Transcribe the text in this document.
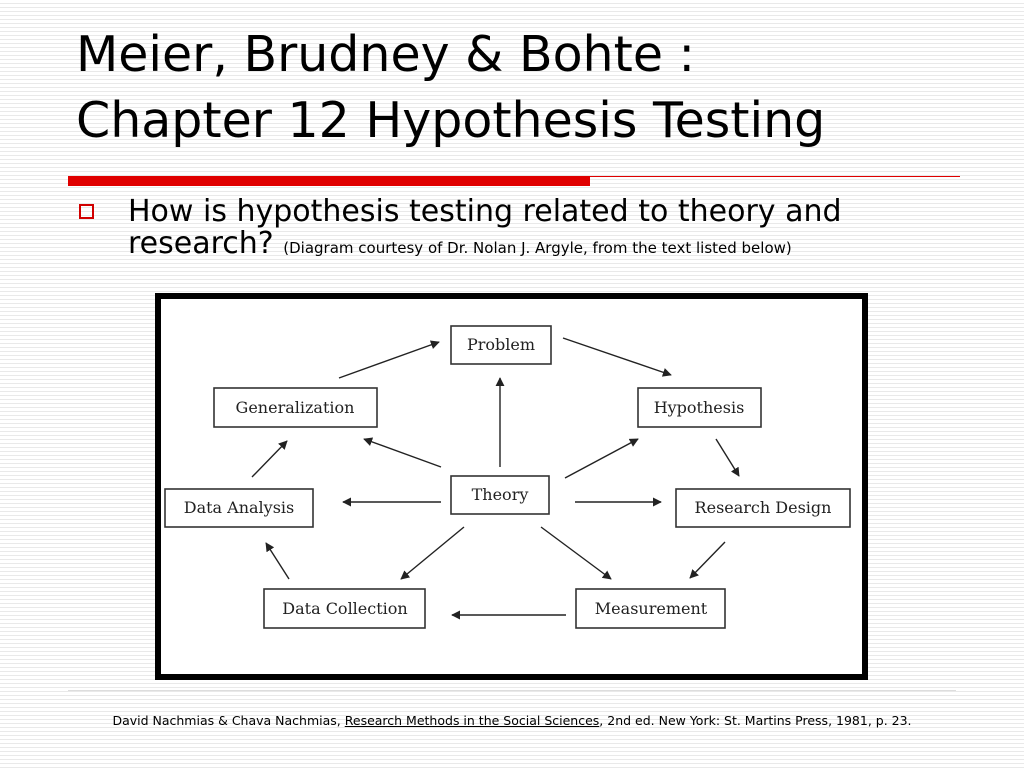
Meier, Brudney & Bohte :
Chapter 12 Hypothesis Testing
How is hypothesis testing related to theory and research? (Diagram courtesy of Dr. Nolan J. Argyle, from the text listed below)
Problem
Hypothesis
Generalization
Theory
Data Analysis	Research Design
Data Collection	Measurement
David Nachmias & Chava Nachmias, Research Methods in the Social Sciences, 2nd ed. New York: St. Martins Press, 1981, p. 23.
